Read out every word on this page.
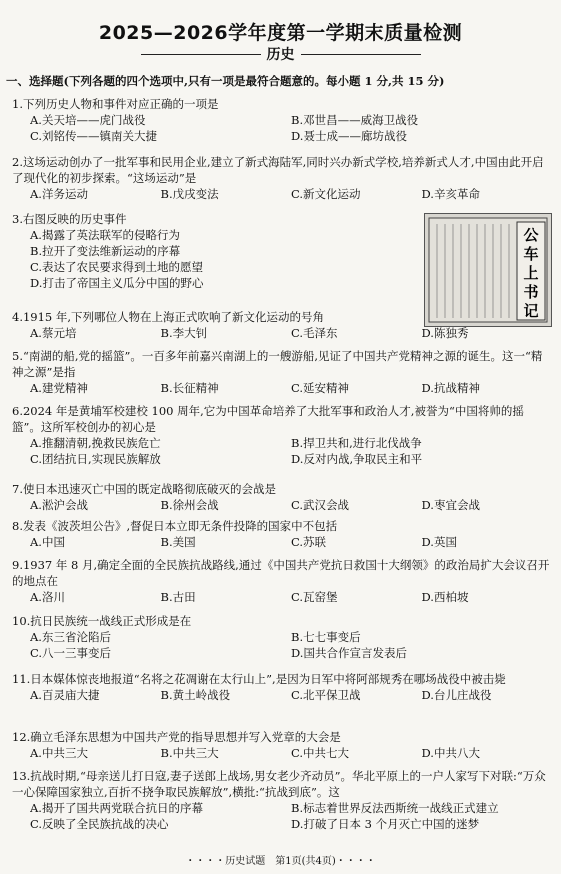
2025—2026学年度第一学期末质量检测
历史
一、选择题(下列各题的四个选项中,只有一项是最符合题意的。每小题 1 分,共 15 分)
1.下列历史人物和事件对应正确的一项是
A.关天培——虎门战役	B.邓世昌——威海卫战役
C.刘铭传——镇南关大捷	D.聂士成——廊坊战役
2.这场运动创办了一批军事和民用企业,建立了新式海陆军,同时兴办新式学校,培养新式人才,中国由此开启了现代化的初步探索。“这场运动”是
A.洋务运动	B.戊戌变法	C.新文化运动	D.辛亥革命
3.右图反映的历史事件
A.揭露了英法联军的侵略行为
B.拉开了变法维新运动的序幕
C.表达了农民要求得到土地的愿望
D.打击了帝国主义瓜分中国的野心
公
车
上
书
记
4.1915 年,下列哪位人物在上海正式吹响了新文化运动的号角
A.蔡元培	B.李大钊	C.毛泽东	D.陈独秀
5.“南湖的船,党的摇篮”。一百多年前嘉兴南湖上的一艘游船,见证了中国共产党精神之源的诞生。这一“精神之源”是指
A.建党精神	B.长征精神	C.延安精神	D.抗战精神
6.2024 年是黄埔军校建校 100 周年,它为中国革命培养了大批军事和政治人才,被誉为“中国将帅的摇篮”。这所军校创办的初心是
A.推翻清朝,挽救民族危亡	B.捍卫共和,进行北伐战争
C.团结抗日,实现民族解放	D.反对内战,争取民主和平
7.使日本迅速灭亡中国的既定战略彻底破灭的会战是
A.淞沪会战	B.徐州会战	C.武汉会战	D.枣宜会战
8.发表《波茨坦公告》,督促日本立即无条件投降的国家中不包括
A.中国	B.美国	C.苏联	D.英国
9.1937 年 8 月,确定全面的全民族抗战路线,通过《中国共产党抗日救国十大纲领》的政治局扩大会议召开的地点在
A.洛川	B.古田	C.瓦窑堡	D.西柏坡
10.抗日民族统一战线正式形成是在
A.东三省沦陷后	B.七七事变后
C.八一三事变后	D.国共合作宣言发表后
11.日本媒体惊丧地报道“名将之花凋谢在太行山上”,是因为日军中将阿部规秀在哪场战役中被击毙
A.百灵庙大捷	B.黄土岭战役	C.北平保卫战	D.台儿庄战役
12.确立毛泽东思想为中国共产党的指导思想并写入党章的大会是
A.中共三大	B.中共三大	C.中共七大	D.中共八大
13.抗战时期,“母亲送儿打日寇,妻子送郎上战场,男女老少齐动员”。华北平原上的一户人家写下对联:“万众一心保障国家独立,百折不挠争取民族解放”,横批:“抗战到底”。这
A.揭开了国共两党联合抗日的序幕	B.标志着世界反法西斯统一战线正式建立
C.反映了全民族抗战的决心	D.打破了日本 3 个月灭亡中国的迷梦
・・・・历史试题　第1页(共4页)・・・・
